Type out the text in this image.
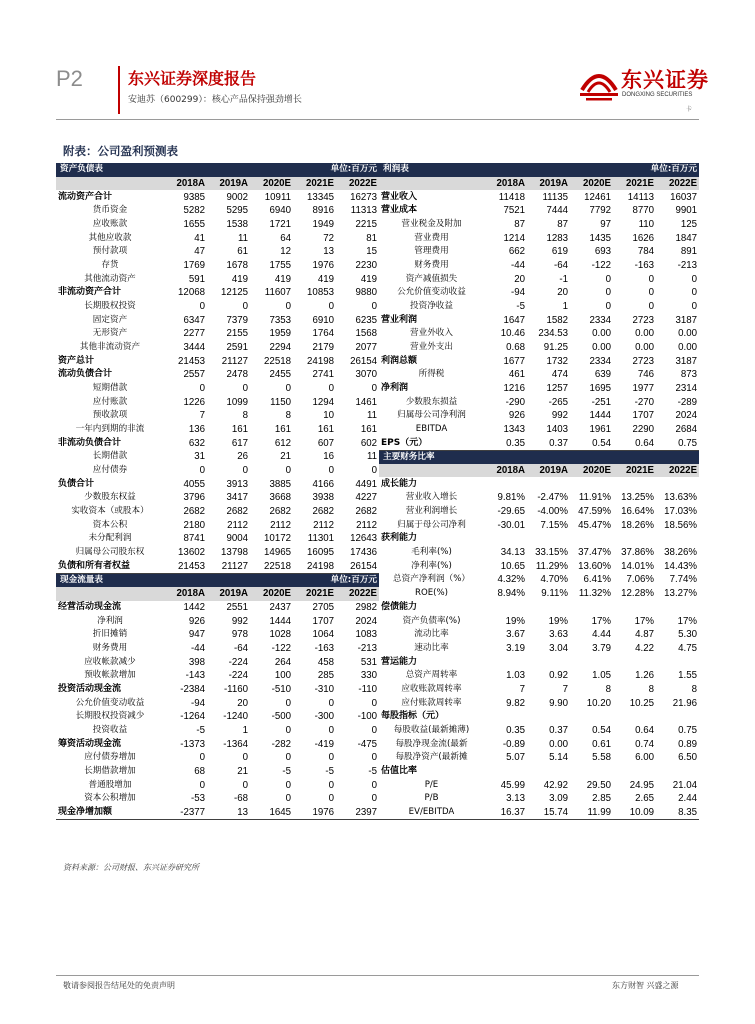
P2	东兴证券深度报告
安迪苏（600299）：核心产品保持强劲增长
东兴证券
DONGXING SECURITIES
卡
附表：公司盈利预测表
资产负债表			单位:百万元		
	2018A	2019A	2020E	2021E	2022E
流动资产合计	9385	9002	10911	13345	16273
货币资金	5282	5295	6940	8916	11313
应收账款	1655	1538	1721	1949	2215
其他应收款	41	11	64	72	81
预付款项	47	61	12	13	15
存货	1769	1678	1755	1976	2230
其他流动资产	591	419	419	419	419
非流动资产合计	12068	12125	11607	10853	9880
长期股权投资	0	0	0	0	0
固定资产	6347	7379	7353	6910	6235
无形资产	2277	2155	1959	1764	1568
其他非流动资产	3444	2591	2294	2179	2077
资产总计	21453	21127	22518	24198	26154
流动负债合计	2557	2478	2455	2741	3070
短期借款	0	0	0	0	0
应付账款	1226	1099	1150	1294	1461
预收款项	7	8	8	10	11
一年内到期的非流	136	161	161	161	161
非流动负债合计	632	617	612	607	602
长期借款	31	26	21	16	11
应付债券	0	0	0	0	0
负债合计	4055	3913	3885	4166	4491
少数股东权益	3796	3417	3668	3938	4227
实收资本（或股本）	2682	2682	2682	2682	2682
资本公积	2180	2112	2112	2112	2112
未分配利润	8741	9004	10172	11301	12643
归属母公司股东权	13602	13798	14965	16095	17436
负债和所有者权益	21453	21127	22518	24198	26154
现金流量表			单位:百万元		
	2018A	2019A	2020E	2021E	2022E
经营活动现金流	1442	2551	2437	2705	2982
净利润	926	992	1444	1707	2024
折旧摊销	947	978	1028	1064	1083
财务费用	-44	-64	-122	-163	-213
应收帐款减少	398	-224	264	458	531
预收帐款增加	-143	-224	100	285	330
投资活动现金流	-2384	-1160	-510	-310	-110
公允价值变动收益	-94	20	0	0	0
长期股权投资减少	-1264	-1240	-500	-300	-100
投资收益	-5	1	0	0	0
筹资活动现金流	-1373	-1364	-282	-419	-475
应付债券增加	0	0	0	0	0
长期借款增加	68	21	-5	-5	-5
普通股增加	0	0	0	0	0
资本公积增加	-53	-68	0	0	0
现金净增加额	-2377	13	1645	1976	2397
利润表			单位:百万元		
	2018A	2019A	2020E	2021E	2022E
营业收入	11418	11135	12461	14113	16037
营业成本	7521	7444	7792	8770	9901
营业税金及附加	87	87	97	110	125
营业费用	1214	1283	1435	1626	1847
管理费用	662	619	693	784	891
财务费用	-44	-64	-122	-163	-213
资产减值损失	20	-1	0	0	0
公允价值变动收益	-94	20	0	0	0
投资净收益	-5	1	0	0	0
营业利润	1647	1582	2334	2723	3187
营业外收入	10.46	234.53	0.00	0.00	0.00
营业外支出	0.68	91.25	0.00	0.00	0.00
利润总额	1677	1732	2334	2723	3187
所得税	461	474	639	746	873
净利润	1216	1257	1695	1977	2314
少数股东损益	-290	-265	-251	-270	-289
归属母公司净利润	926	992	1444	1707	2024
EBITDA	1343	1403	1961	2290	2684
EPS（元）	0.35	0.37	0.54	0.64	0.75
主要财务比率					
	2018A	2019A	2020E	2021E	2022E
成长能力					
营业收入增长	9.81%	-2.47%	11.91%	13.25%	13.63%
营业利润增长	-29.65	-4.00%	47.59%	16.64%	17.03%
归属于母公司净利	-30.01	7.15%	45.47%	18.26%	18.56%
获利能力					
毛利率(%)	34.13	33.15%	37.47%	37.86%	38.26%
净利率(%)	10.65	11.29%	13.60%	14.01%	14.43%
总资产净利润（%）	4.32%	4.70%	6.41%	7.06%	7.74%
ROE(%)	8.94%	9.11%	11.32%	12.28%	13.27%
偿债能力					
资产负债率(%)	19%	19%	17%	17%	17%
流动比率	3.67	3.63	4.44	4.87	5.30
速动比率	3.19	3.04	3.79	4.22	4.75
营运能力					
总资产周转率	1.03	0.92	1.05	1.26	1.55
应收账款周转率	7	7	8	8	8
应付账款周转率	9.82	9.90	10.20	10.25	21.96
每股指标（元）					
每股收益(最新摊薄)	0.35	0.37	0.54	0.64	0.75
每股净现金流(最新	-0.89	0.00	0.61	0.74	0.89
每股净资产(最新摊	5.07	5.14	5.58	6.00	6.50
估值比率					
P/E	45.99	42.92	29.50	24.95	21.04
P/B	3.13	3.09	2.85	2.65	2.44
EV/EBITDA	16.37	15.74	11.99	10.09	8.35
资料来源：公司财报、东兴证券研究所
敬请参阅报告结尾处的免责声明	东方财智 兴盛之源
